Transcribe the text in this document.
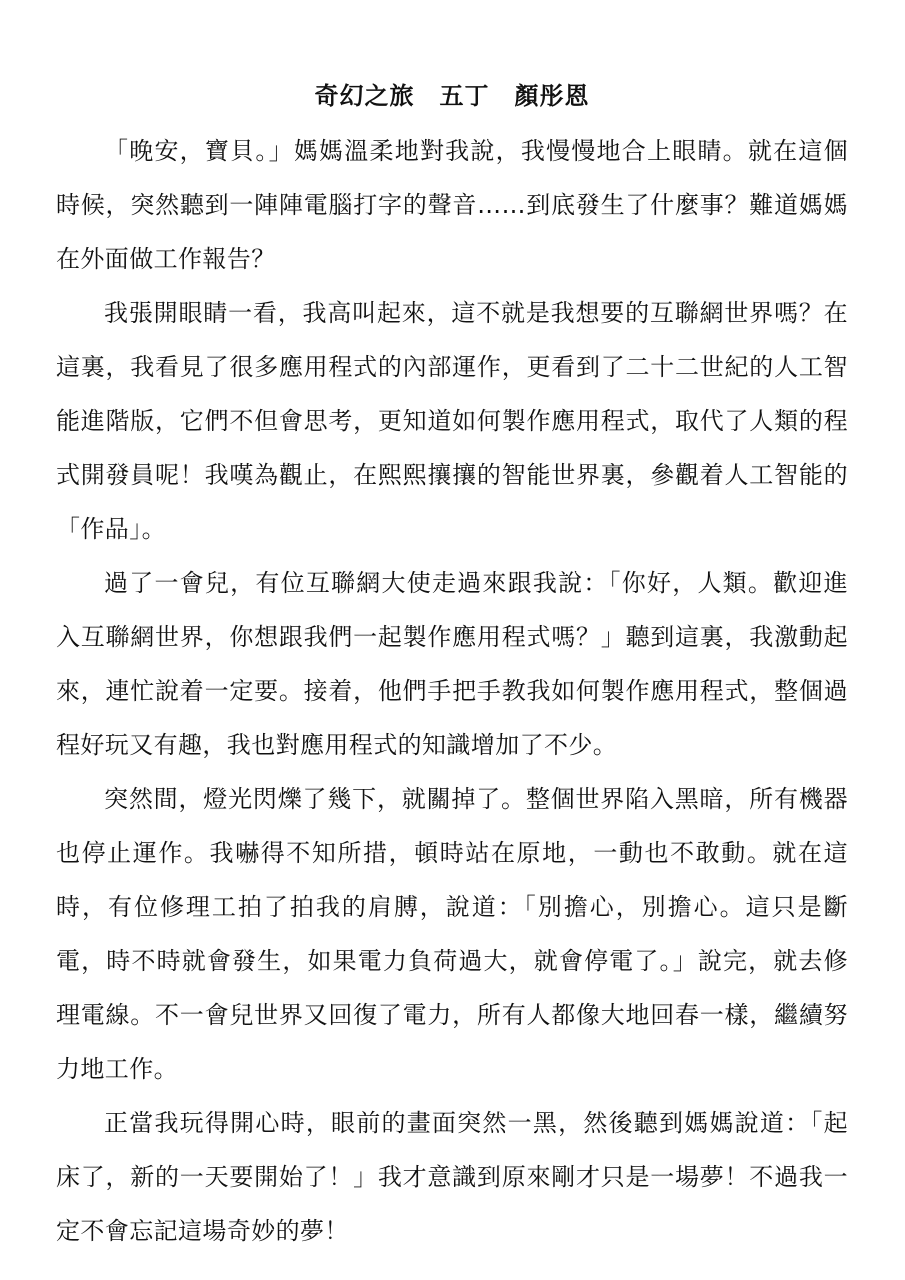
奇幻之旅　五丁　顏彤恩

「晚安，寶貝。」媽媽溫柔地對我說，我慢慢地合上眼睛。就在這個時候，突然聽到一陣陣電腦打字的聲音……到底發生了什麼事？難道媽媽在外面做工作報告？

我張開眼睛一看，我高叫起來，這不就是我想要的互聯網世界嗎？在這裏，我看見了很多應用程式的內部運作，更看到了二十二世紀的人工智能進階版，它們不但會思考，更知道如何製作應用程式，取代了人類的程式開發員呢！我嘆為觀止，在熙熙攘攘的智能世界裏，參觀着人工智能的「作品」。

過了一會兒，有位互聯網大使走過來跟我說：「你好，人類。歡迎進入互聯網世界，你想跟我們一起製作應用程式嗎？」聽到這裏，我激動起來，連忙說着一定要。接着，他們手把手教我如何製作應用程式，整個過程好玩又有趣，我也對應用程式的知識增加了不少。

突然間，燈光閃爍了幾下，就關掉了。整個世界陷入黑暗，所有機器也停止運作。我嚇得不知所措，頓時站在原地，一動也不敢動。就在這時，有位修理工拍了拍我的肩膊，說道：「別擔心，別擔心。這只是斷電，時不時就會發生，如果電力負荷過大，就會停電了。」說完，就去修理電線。不一會兒世界又回復了電力，所有人都像大地回春一樣，繼續努力地工作。

正當我玩得開心時，眼前的畫面突然一黑，然後聽到媽媽說道：「起床了，新的一天要開始了！」我才意識到原來剛才只是一場夢！不過我一定不會忘記這場奇妙的夢！
